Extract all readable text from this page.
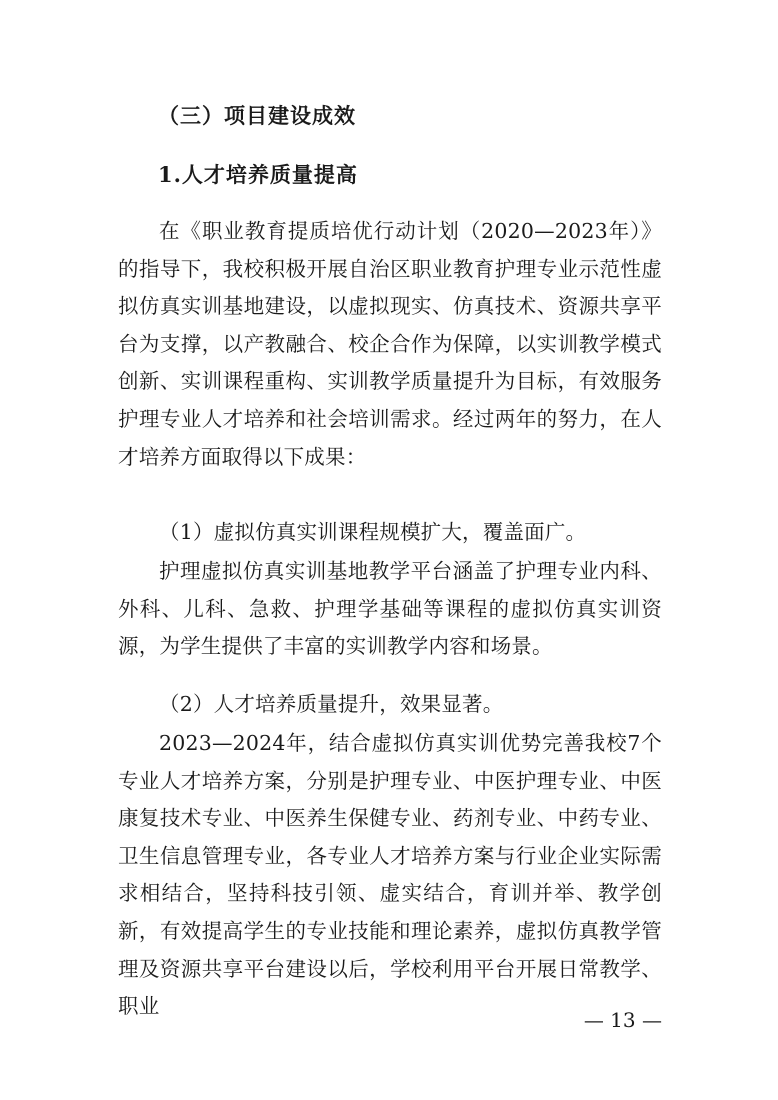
（三）项目建设成效
1.人才培养质量提高
在《职业教育提质培优行动计划（2020—2023年）》的指导下，我校积极开展自治区职业教育护理专业示范性虚拟仿真实训基地建设，以虚拟现实、仿真技术、资源共享平台为支撑，以产教融合、校企合作为保障，以实训教学模式创新、实训课程重构、实训教学质量提升为目标，有效服务护理专业人才培养和社会培训需求。经过两年的努力，在人才培养方面取得以下成果：
（1）虚拟仿真实训课程规模扩大，覆盖面广。
护理虚拟仿真实训基地教学平台涵盖了护理专业内科、外科、儿科、急救、护理学基础等课程的虚拟仿真实训资源，为学生提供了丰富的实训教学内容和场景。
（2）人才培养质量提升，效果显著。
2023—2024年，结合虚拟仿真实训优势完善我校7个专业人才培养方案，分别是护理专业、中医护理专业、中医康复技术专业、中医养生保健专业、药剂专业、中药专业、卫生信息管理专业，各专业人才培养方案与行业企业实际需求相结合，坚持科技引领、虚实结合，育训并举、教学创新，有效提高学生的专业技能和理论素养，虚拟仿真教学管理及资源共享平台建设以后，学校利用平台开展日常教学、职业
— 13 —
